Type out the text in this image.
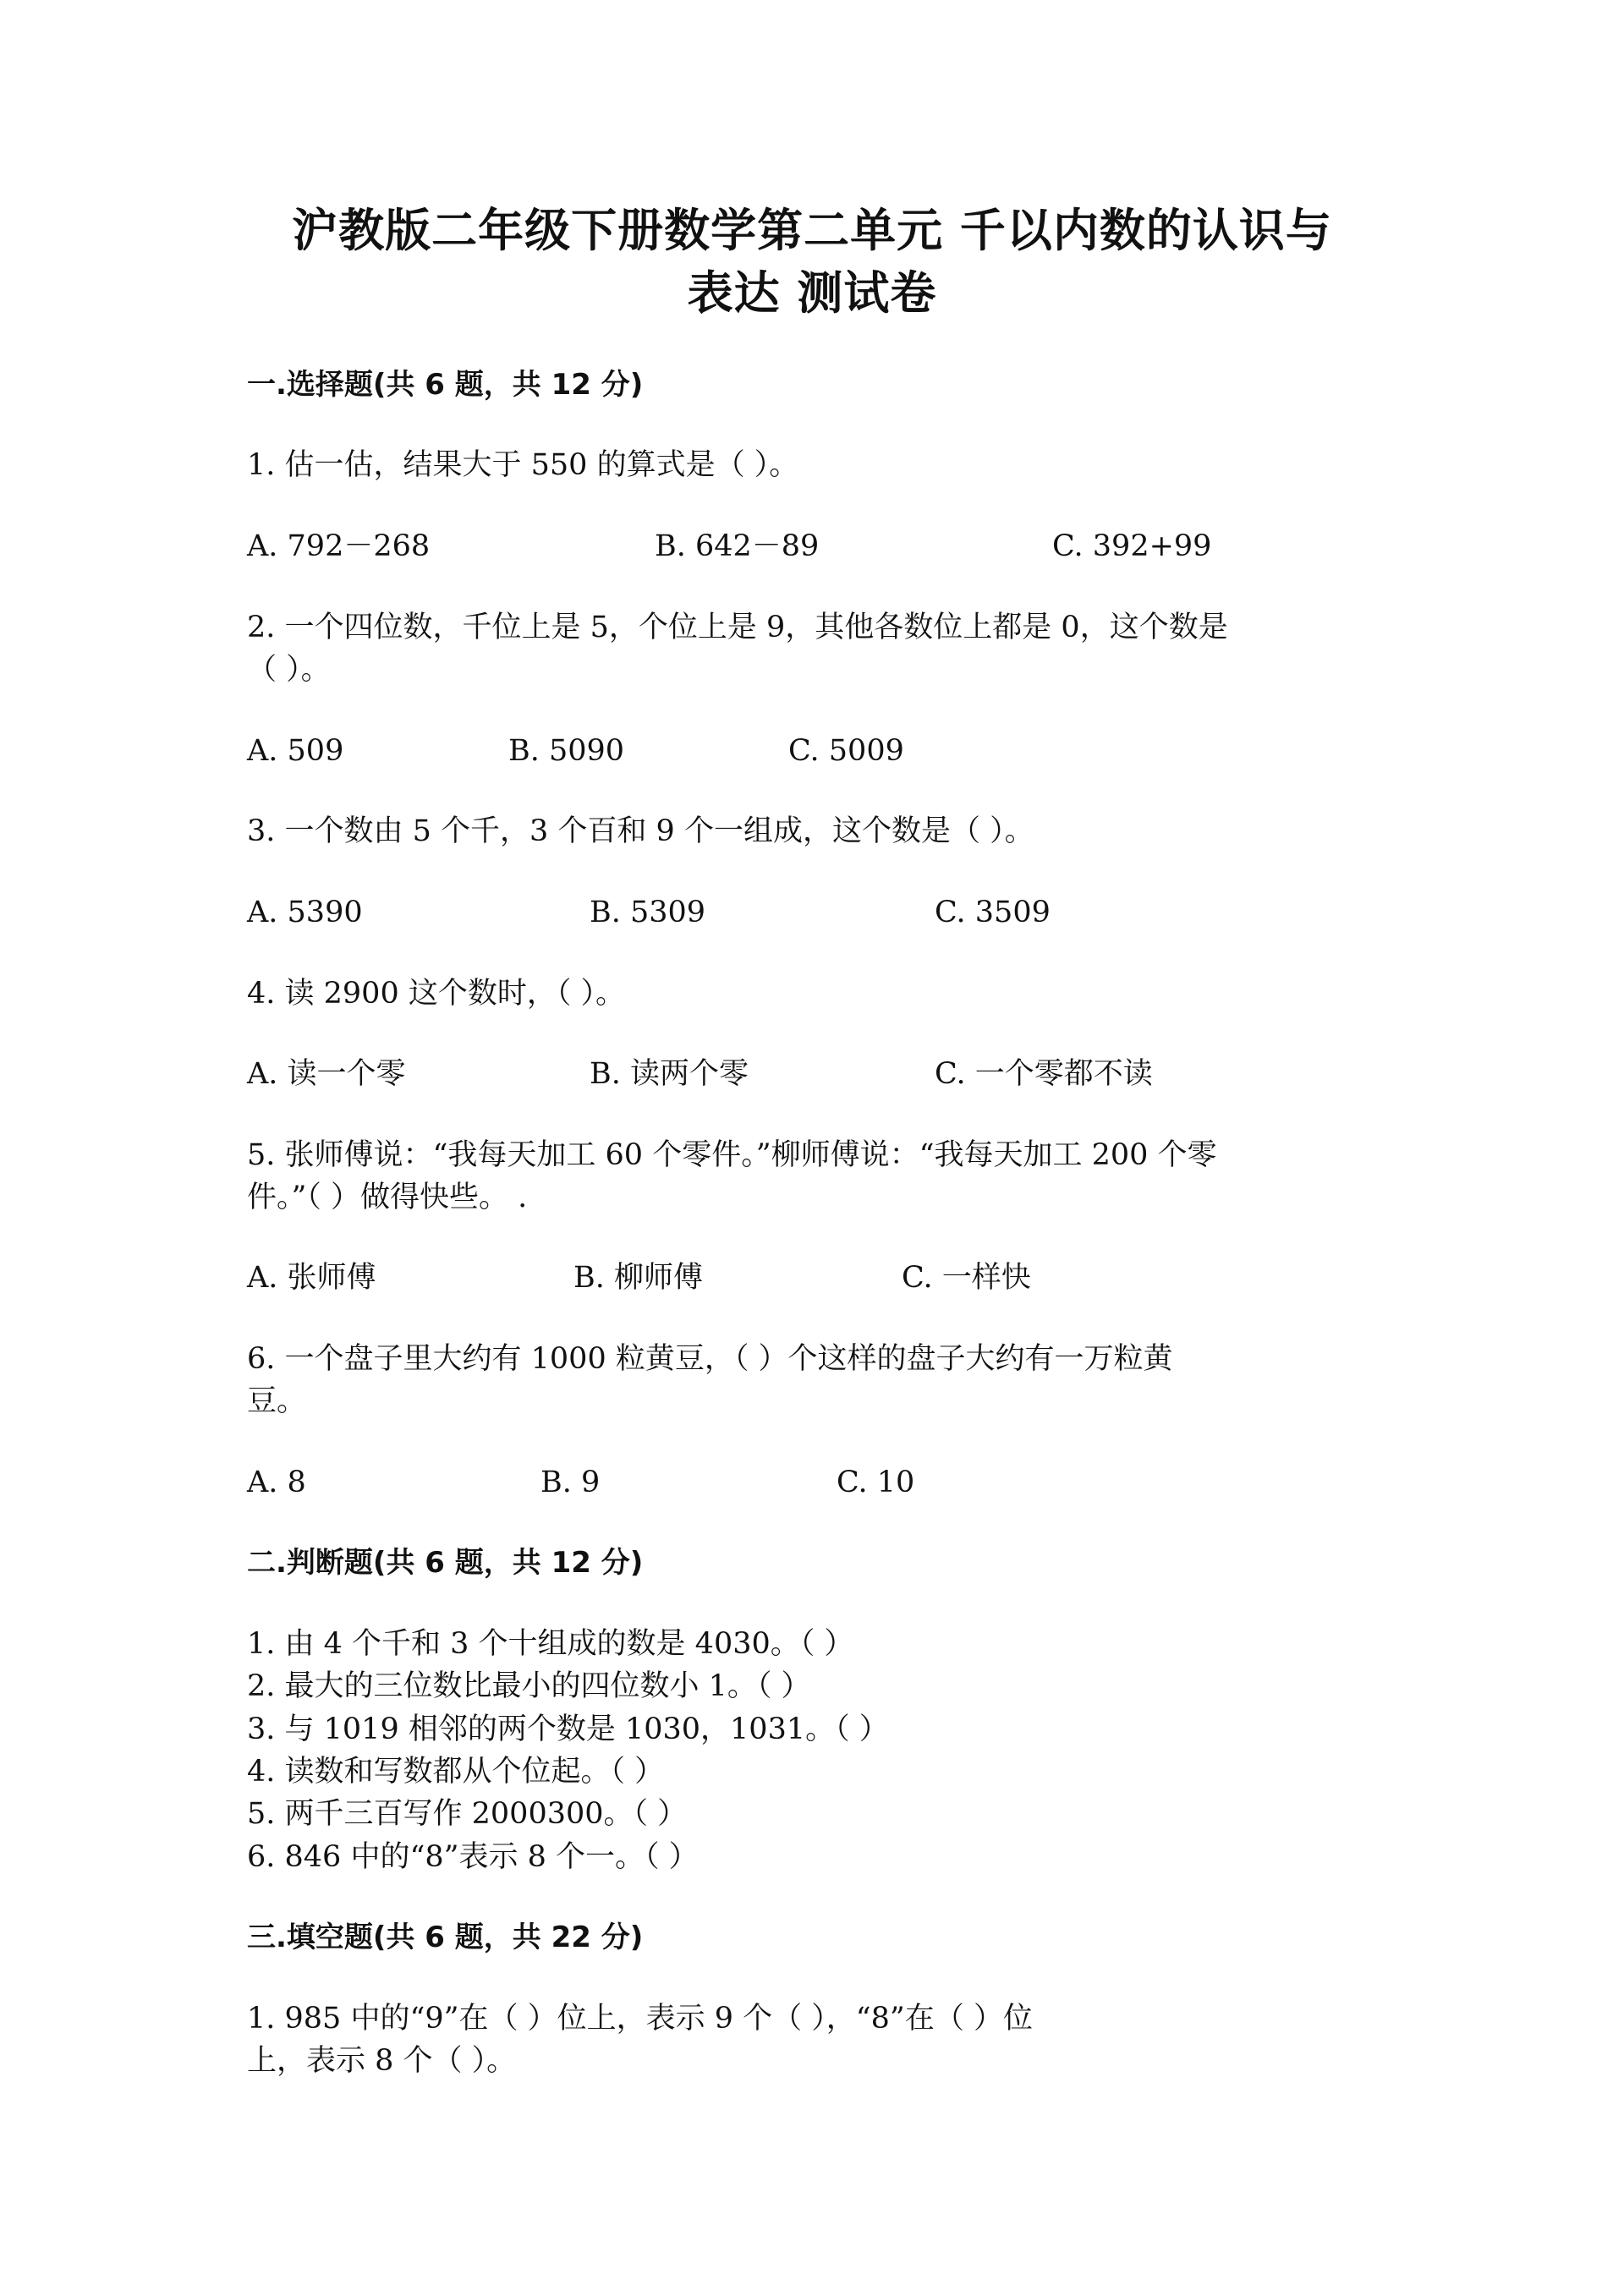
沪教版二年级下册数学第二单元 千以内数的认识与
表达 测试卷
一.选择题(共 6 题，共 12 分)
1. 估一估，结果大于 550 的算式是（ ）。
A. 792－268	B. 642－89	C. 392+99
2. 一个四位数，千位上是 5，个位上是 9，其他各数位上都是 0，这个数是
（ ）。
A. 509	B. 5090	C. 5009
3. 一个数由 5 个千，3 个百和 9 个一组成，这个数是（ ）。
A. 5390	B. 5309	C. 3509
4. 读 2900 这个数时，（ ）。
A. 读一个零	B. 读两个零	C. 一个零都不读
5. 张师傅说：“我每天加工 60 个零件。”柳师傅说：“我每天加工 200 个零
件。”（ ）做得快些。 .
A. 张师傅	B. 柳师傅	C. 一样快
6. 一个盘子里大约有 1000 粒黄豆，（ ）个这样的盘子大约有一万粒黄
豆。
A. 8	B. 9	C. 10
二.判断题(共 6 题，共 12 分)
1. 由 4 个千和 3 个十组成的数是 4030。（ ）
2. 最大的三位数比最小的四位数小 1。（ ）
3. 与 1019 相邻的两个数是 1030，1031。（ ）
4. 读数和写数都从个位起。（ ）
5. 两千三百写作 2000300。（ ）
6. 846 中的“8”表示 8 个一。（ ）
三.填空题(共 6 题，共 22 分)
1. 985 中的“9”在（ ）位上，表示 9 个（ ），“8”在（ ）位
上，表示 8 个（ ）。
